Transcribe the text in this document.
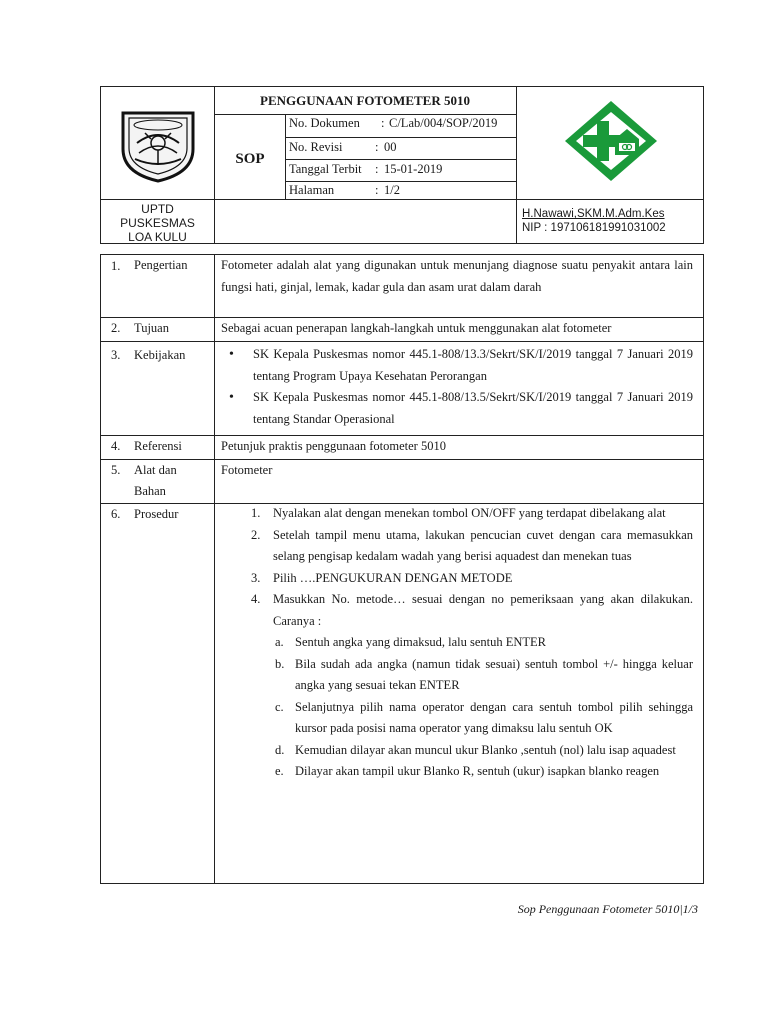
PENGGUNAAN FOTOMETER 5010
SOP
No. Dokumen : C/Lab/004/SOP/2019
No. Revisi	: 00
Tanggal Terbit : 15-01-2019
Halaman	: 1/2
UPTD
PUSKESMAS
LOA KULU
H.Nawawi,SKM.M.Adm.Kes
NIP : 197106181991031002
1. Pengertian	Fotometer adalah alat yang digunakan untuk menunjang diagnose suatu penyakit antara lain fungsi hati, ginjal, lemak, kadar gula dan asam urat dalam darah
2. Tujuan	Sebagai acuan penerapan langkah-langkah untuk menggunakan alat fotometer
3. Kebijakan
•	SK Kepala Puskesmas nomor 445.1-808/13.3/Sekrt/SK/I/2019 tanggal 7 Januari 2019 tentang Program Upaya Kesehatan Perorangan
• SK Kepala Puskesmas nomor 445.1-808/13.5/Sekrt/SK/I/2019 tanggal 7 Januari 2019 tentang Standar Operasional
4. Referensi	Petunjuk praktis penggunaan fotometer 5010
5. Alat dan
Bahan
Fotometer
6. Prosedur	1. Nyalakan alat dengan menekan tombol ON/OFF yang terdapat dibelakang alat
2. Setelah tampil menu utama, lakukan pencucian cuvet dengan cara memasukkan selang pengisap kedalam wadah yang berisi aquadest dan menekan tuas
3. Pilih ….PENGUKURAN DENGAN METODE
4. Masukkan No. metode… sesuai dengan no pemeriksaan yang akan dilakukan. Caranya :
a. Sentuh angka yang dimaksud, lalu sentuh ENTER
b. Bila sudah ada angka (namun tidak sesuai) sentuh tombol +/- hingga keluar angka yang sesuai tekan ENTER
c. Selanjutnya pilih nama operator dengan cara sentuh tombol pilih sehingga kursor pada posisi nama operator yang dimaksu lalu sentuh OK
d. Kemudian dilayar akan muncul ukur Blanko ,sentuh (nol) lalu isap aquadest
e. Dilayar akan tampil ukur Blanko R, sentuh (ukur) isapkan blanko reagen
Sop Penggunaan Fotometer 5010|1/3
